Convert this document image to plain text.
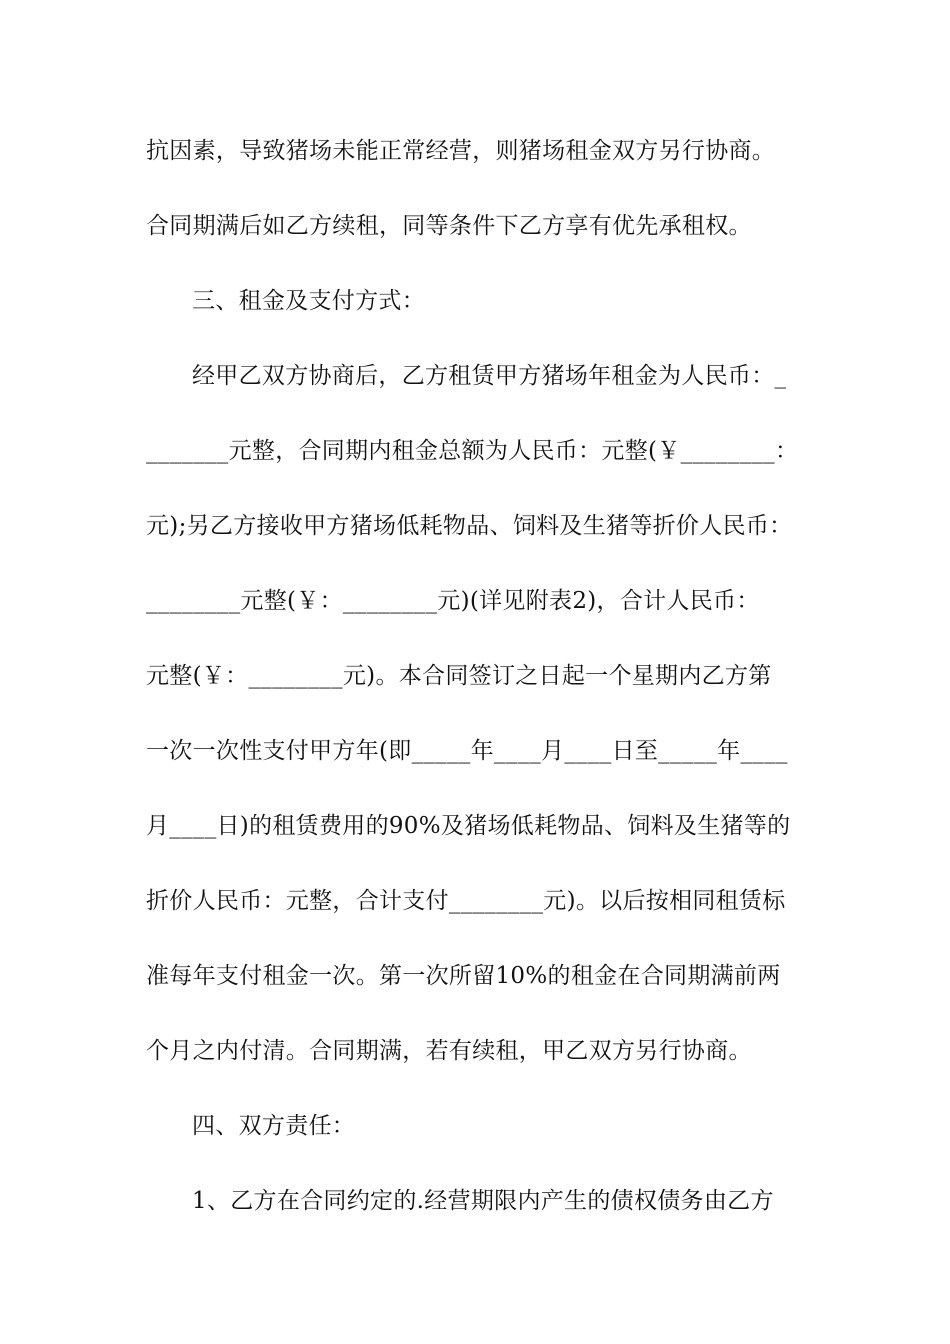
抗因素，导致猪场未能正常经营，则猪场租金双方另行协商。
合同期满后如乙方续租，同等条件下乙方享有优先承租权。
三、租金及支付方式：
经甲乙双方协商后，乙方租赁甲方猪场年租金为人民币：_
_______元整，合同期内租金总额为人民币：元整(￥________：
元);另乙方接收甲方猪场低耗物品、饲料及生猪等折价人民币：
________元整(￥：________元)(详见附表2)，合计人民币：
元整(￥：________元)。本合同签订之日起一个星期内乙方第
一次一次性支付甲方年(即_____年____月____日至_____年____
月____日)的租赁费用的90%及猪场低耗物品、饲料及生猪等的
折价人民币：元整，合计支付________元)。以后按相同租赁标
准每年支付租金一次。第一次所留10%的租金在合同期满前两
个月之内付清。合同期满，若有续租，甲乙双方另行协商。
四、双方责任：
1、乙方在合同约定的.经营期限内产生的债权债务由乙方
